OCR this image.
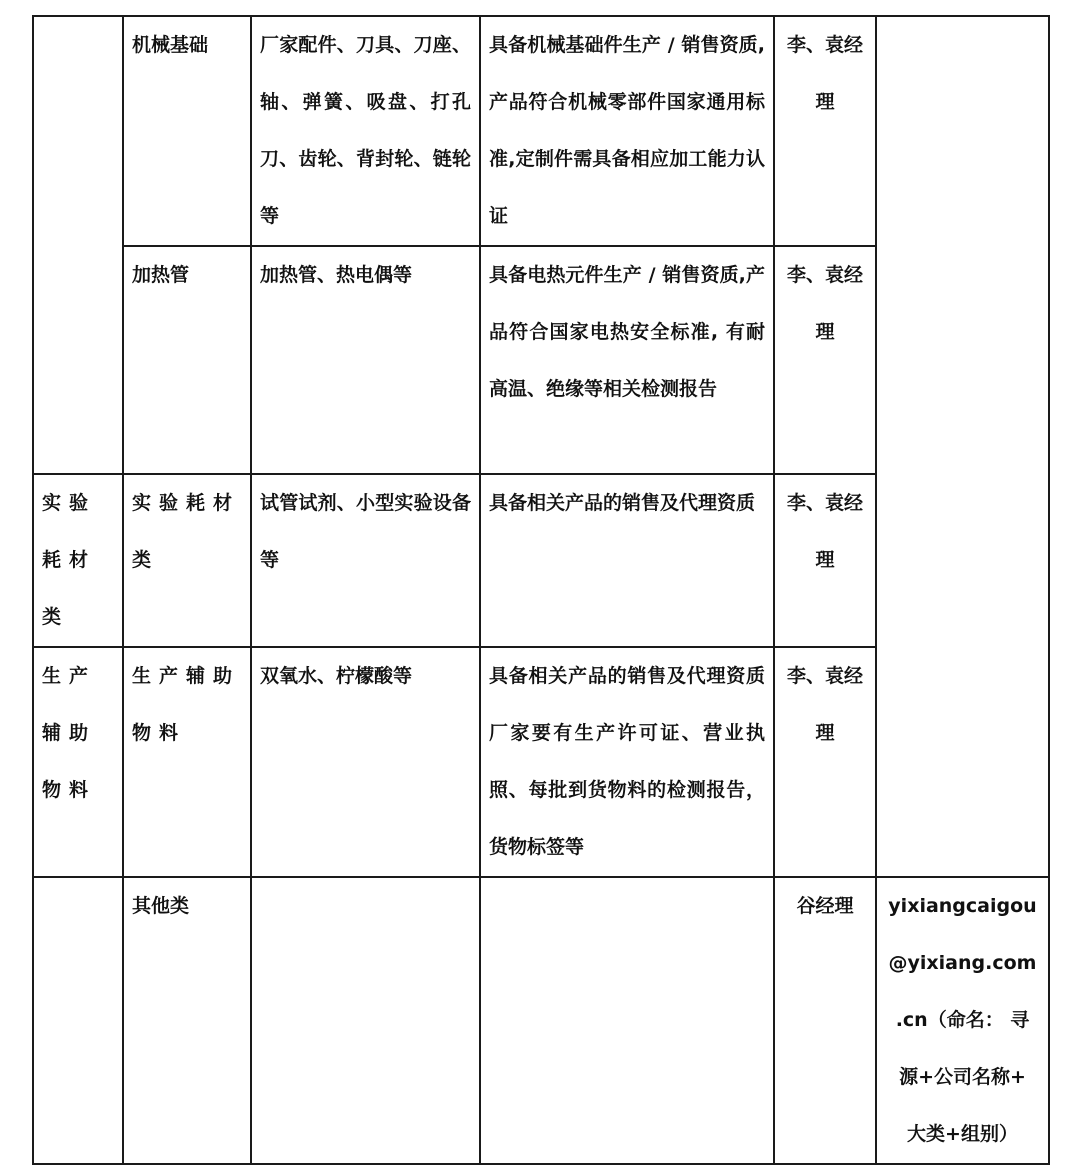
	机械基础	厂家配件、刀具、刀座、轴、弹簧、吸盘、打孔刀、齿轮、背封轮、链轮等	具备机械基础件生产 / 销售资质,产品符合机械零部件国家通用标准,定制件需具备相应加工能力认证	李、袁经理	
	加热管	加热管、热电偶等	具备电热元件生产 / 销售资质,产品符合国家电热安全标准, 有耐高温、绝缘等相关检测报告	李、袁经理	
实验耗材类	实验耗材类	试管试剂、小型实验设备等	具备相关产品的销售及代理资质	李、袁经理	
生产辅助物料	生产辅助物料	双氧水、柠檬酸等	具备相关产品的销售及代理资质厂家要有生产许可证、营业执照、每批到货物料的检测报告，货物标签等	李、袁经理	
	其他类			谷经理	yixiangcaigou
@yixiang.com
.cn（命名： 寻
源+公司名称+
大类+组别）
